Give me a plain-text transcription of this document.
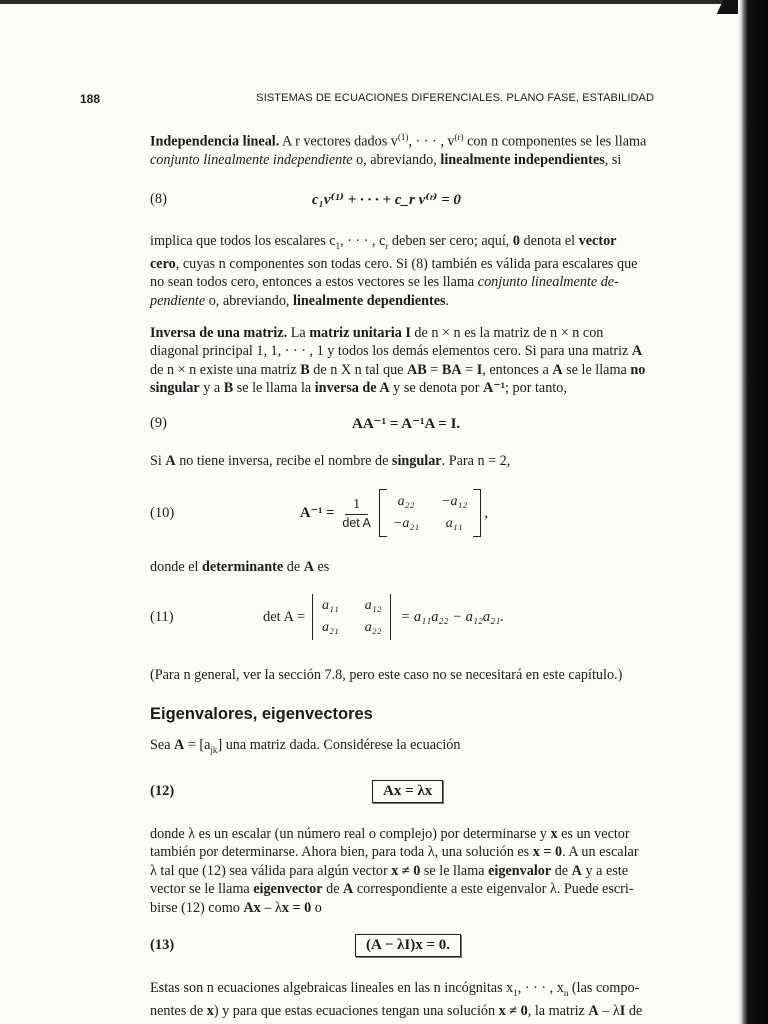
188	SISTEMAS DE ECUACIONES DIFERENCIALES. PLANO FASE, ESTABILIDAD

Independencia lineal. A r vectores dados $v^{(1)}$, · · · , $v^{(r)}$ con n componentes se les llama
conjunto linealmente independiente o, abreviando, linealmente independientes, si

(8)	c₁v⁽¹⁾ + · · · + c_r v⁽ʳ⁾ = 0

implica que todos los escalares $c_1$, · · · , $c_r$ deben ser cero; aquí, 0 denota el vector
cero, cuyas n componentes son todas cero. Si (8) también es válida para escalares que
no sean todos cero, entonces a estos vectores se les llama conjunto linealmente de-
pendiente o, abreviando, linealmente dependientes.

Inversa de una matriz. La matriz unitaria I de n × n es la matriz de n × n con
diagonal principal 1, 1, · · · , 1 y todos los demás elementos cero. Si para una matriz A
de n × n existe una matriz B de n X n tal que AB = BA = I, entonces a A se le llama no
singular y a B se le llama la inversa de A y se denota por A⁻¹; por tanto,

(9)	AA⁻¹ = A⁻¹A = I.

Si A no tiene inversa, recibe el nombre de singular. Para n = 2,

(10)	$A^{-1} = \frac{1}{\text{det A}}$	a₂₂	−a₁₂
−a₂₁	a₁₁
,

donde el determinante de A es

(11)	det A =
a₁₁ a₁₂
a₂₁ a₂₂
= a₁₁a₂₂ − a₁₂a₂₁.

(Para n general, ver la sección 7.8, pero este caso no se necesitará en este capítulo.)

Eigenvalores, eigenvectores

Sea $A = [a_{jk}]$ una matriz dada. Considérese la ecuación

(12)	Ax = λx

donde λ es un escalar (un número real o complejo) por determinarse y x es un vector
también por determinarse. Ahora bien, para toda λ, una solución es x = 0. A un escalar
λ tal que (12) sea válida para algún vector x ≠ 0 se le llama eigenvalor de A y a este
vector se le llama eigenvector de A correspondiente a este eigenvalor λ. Puede escri-
birse (12) como Ax – λx = 0 o

(13)	(A − λI)x = 0.

Estas son n ecuaciones algebraicas lineales en las n incógnitas $x_1$, · · · , $x_n$ (las compo-
nentes de x) y para que estas ecuaciones tengan una solución x ≠ 0, la matriz A – λI de
